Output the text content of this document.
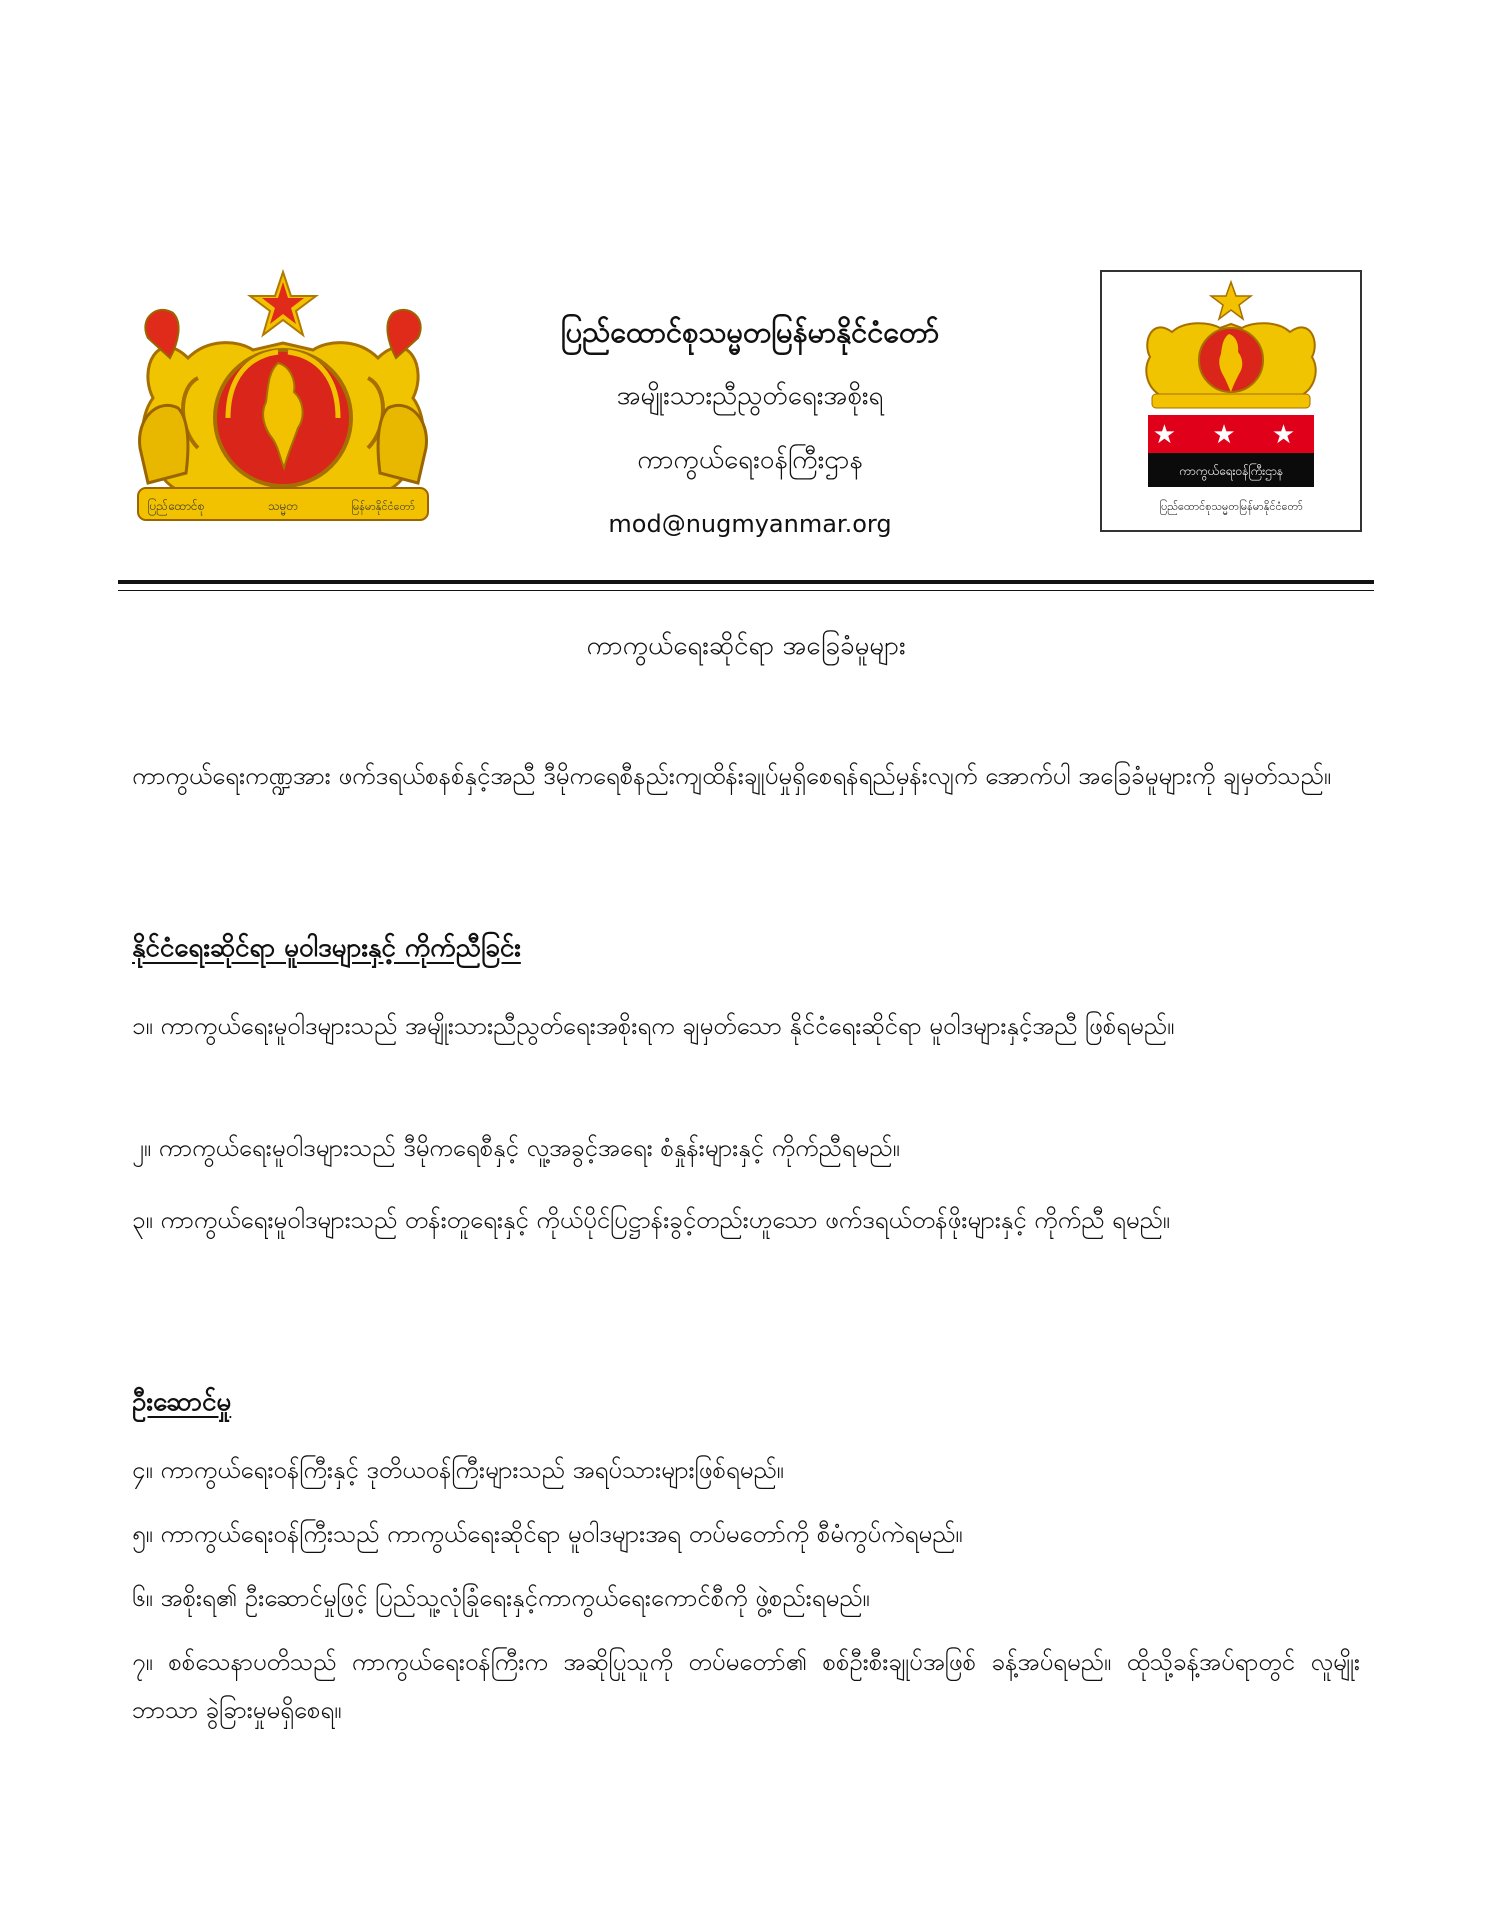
ပြည်ထောင်စု	သမ္မတ	မြန်မာနိုင်ငံတော်
ပြည်ထောင်စုသမ္မတမြန်မာနိုင်ငံတော်
အမျိုးသားညီညွတ်ရေးအစိုးရ
ကာကွယ်ရေးဝန်ကြီးဌာန
mod@nugmyanmar.org
★ ★ ★
ကာကွယ်ရေးဝန်ကြီးဌာန
ပြည်ထောင်စုသမ္မတမြန်မာနိုင်ငံတော်
ကာကွယ်ရေးဆိုင်ရာ အခြေခံမူများ
ကာကွယ်ရေးကဏ္ဍအား ဖက်ဒရယ်စနစ်နှင့်အညီ ဒီမိုကရေစီနည်းကျထိန်းချုပ်မှုရှိစေရန်ရည်မှန်းလျက် အောက်ပါ အခြေခံမူများကို ချမှတ်သည်။
နိုင်ငံရေးဆိုင်ရာ မူဝါဒများနှင့် ကိုက်ညီခြင်း
၁။ ကာကွယ်ရေးမူဝါဒများသည် အမျိုးသားညီညွတ်ရေးအစိုးရက ချမှတ်သော နိုင်ငံရေးဆိုင်ရာ မူဝါဒများနှင့်အညီ ဖြစ်ရမည်။
၂။ ကာကွယ်ရေးမူဝါဒများသည် ဒီမိုကရေစီနှင့် လူ့အခွင့်အရေး စံနှုန်းများနှင့် ကိုက်ညီရမည်။
၃။ ကာကွယ်ရေးမူဝါဒများသည် တန်းတူရေးနှင့် ကိုယ်ပိုင်ပြဋ္ဌာန်းခွင့်တည်းဟူသော ဖက်ဒရယ်တန်ဖိုးများနှင့် ကိုက်ညီ ရမည်။
ဦးဆောင်မှု
၄။ ကာကွယ်ရေးဝန်ကြီးနှင့် ဒုတိယဝန်ကြီးများသည် အရပ်သားများဖြစ်ရမည်။
၅။ ကာကွယ်ရေးဝန်ကြီးသည် ကာကွယ်ရေးဆိုင်ရာ မူဝါဒများအရ တပ်မတော်ကို စီမံကွပ်ကဲရမည်။
၆။ အစိုးရ၏ ဦးဆောင်မှုဖြင့် ပြည်သူ့လုံခြုံရေးနှင့်ကာကွယ်ရေးကောင်စီကို ဖွဲ့စည်းရမည်။
၇။ စစ်သေနာပတိသည် ကာကွယ်ရေးဝန်ကြီးက အဆိုပြုသူကို တပ်မတော်၏ စစ်ဦးစီးချုပ်အဖြစ် ခန့်အပ်ရမည်။ ထိုသို့ခန့်အပ်ရာတွင် လူမျိုးဘာသာ ခွဲခြားမှုမရှိစေရ။
